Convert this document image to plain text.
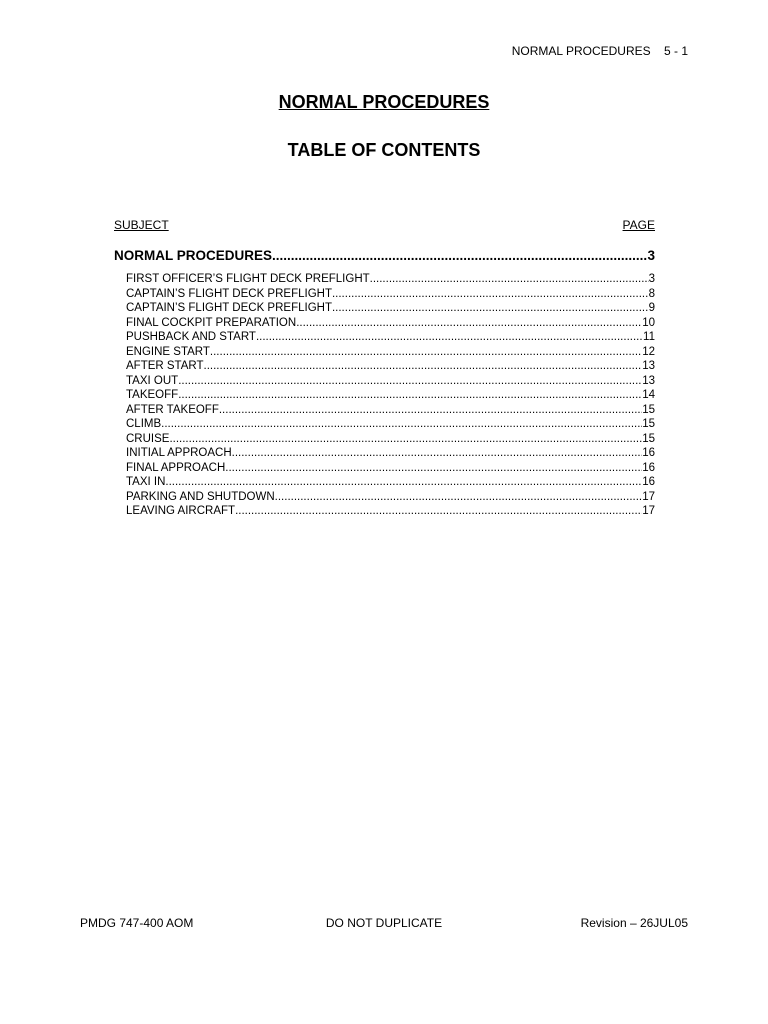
NORMAL PROCEDURES    5 - 1
NORMAL PROCEDURES
TABLE OF CONTENTS
SUBJECT	PAGE
NORMAL PROCEDURES .....	3
FIRST OFFICER’S FLIGHT DECK PREFLIGHT .....	3
CAPTAIN’S FLIGHT DECK PREFLIGHT .....	8
CAPTAIN’S FLIGHT DECK PREFLIGHT .....	9
FINAL COCKPIT PREPARATION .....	10
PUSHBACK AND START .....	11
ENGINE START .....	12
AFTER START .....	13
TAXI OUT .....	13
TAKEOFF .....	14
AFTER TAKEOFF .....	15
CLIMB .....	15
CRUISE .....	15
INITIAL APPROACH .....	16
FINAL APPROACH .....	16
TAXI IN .....	16
PARKING AND SHUTDOWN .....	17
LEAVING AIRCRAFT .....	17
PMDG 747-400 AOM	DO NOT DUPLICATE	Revision – 26JUL05
